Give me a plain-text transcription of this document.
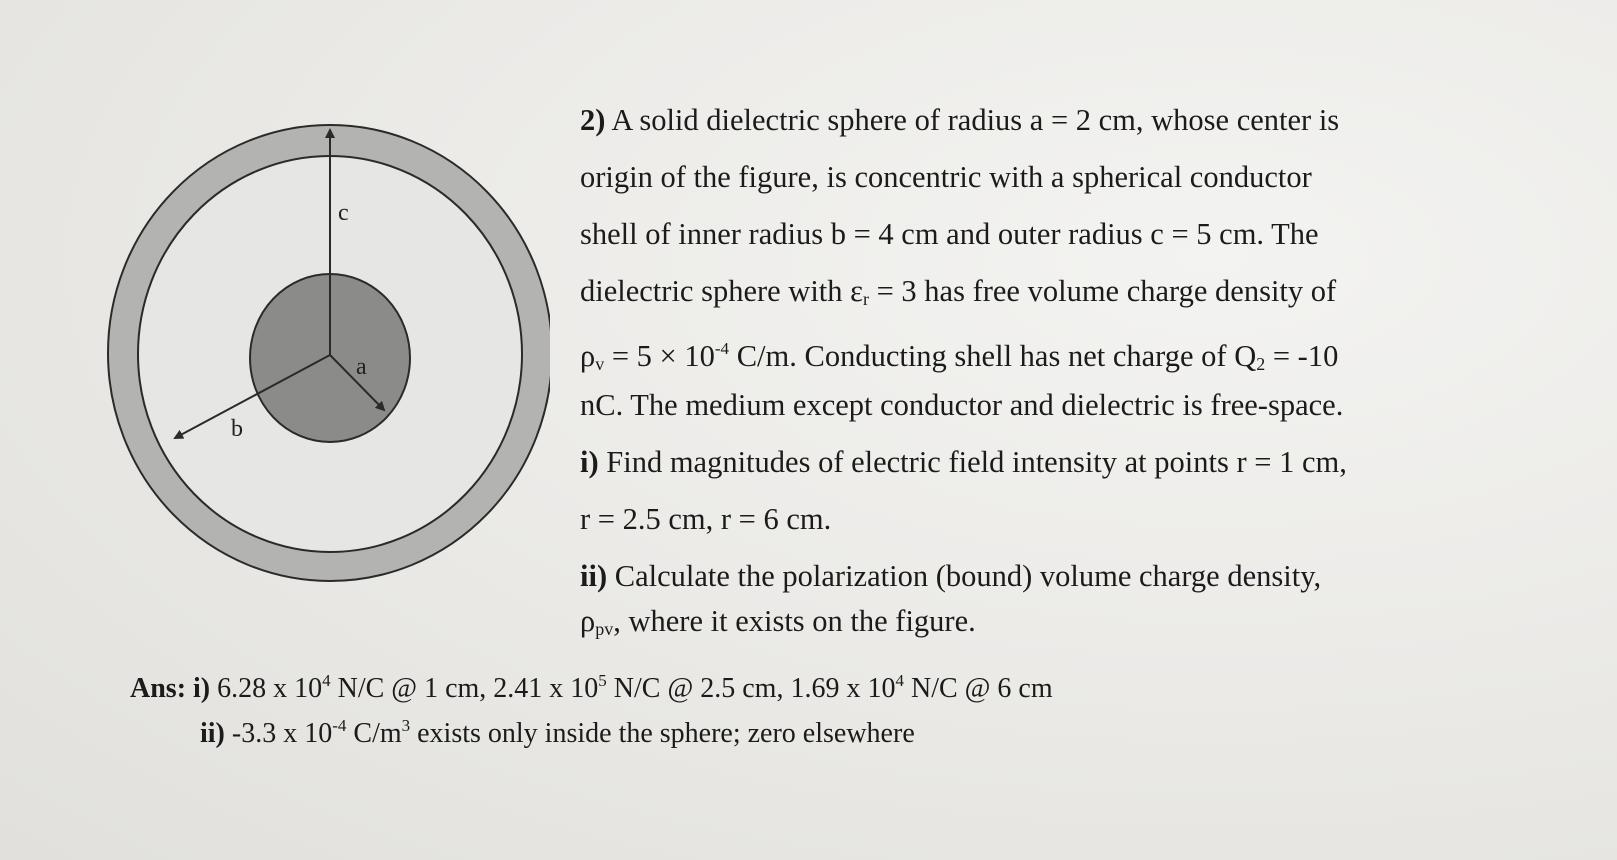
c
a
b
2) A solid dielectric sphere of radius a = 2 cm, whose center is
origin of the figure, is concentric with a spherical conductor
shell of inner radius b = 4 cm and outer radius c = 5 cm. The
dielectric sphere with εr = 3 has free volume charge density of
$\rho v = 5 \times 10^{-4}$ C/m. Conducting shell has net charge of Q2 = -10
nC. The medium except conductor and dielectric is free-space.
i) Find magnitudes of electric field intensity at points r = 1 cm,
r = 2.5 cm, r = 6 cm.
ii) Calculate the polarization (bound) volume charge density,
ρpv, where it exists on the figure.
Ans: i) 6.28 x $10^4$ N/C @ 1 cm, 2.41 x $10^5$ N/C @ 2.5 cm, 1.69 x $10^4$ N/C @ 6 cm
ii) -3.3 x $10^{-4}$ $C/m^3$ exists only inside the sphere; zero elsewhere
